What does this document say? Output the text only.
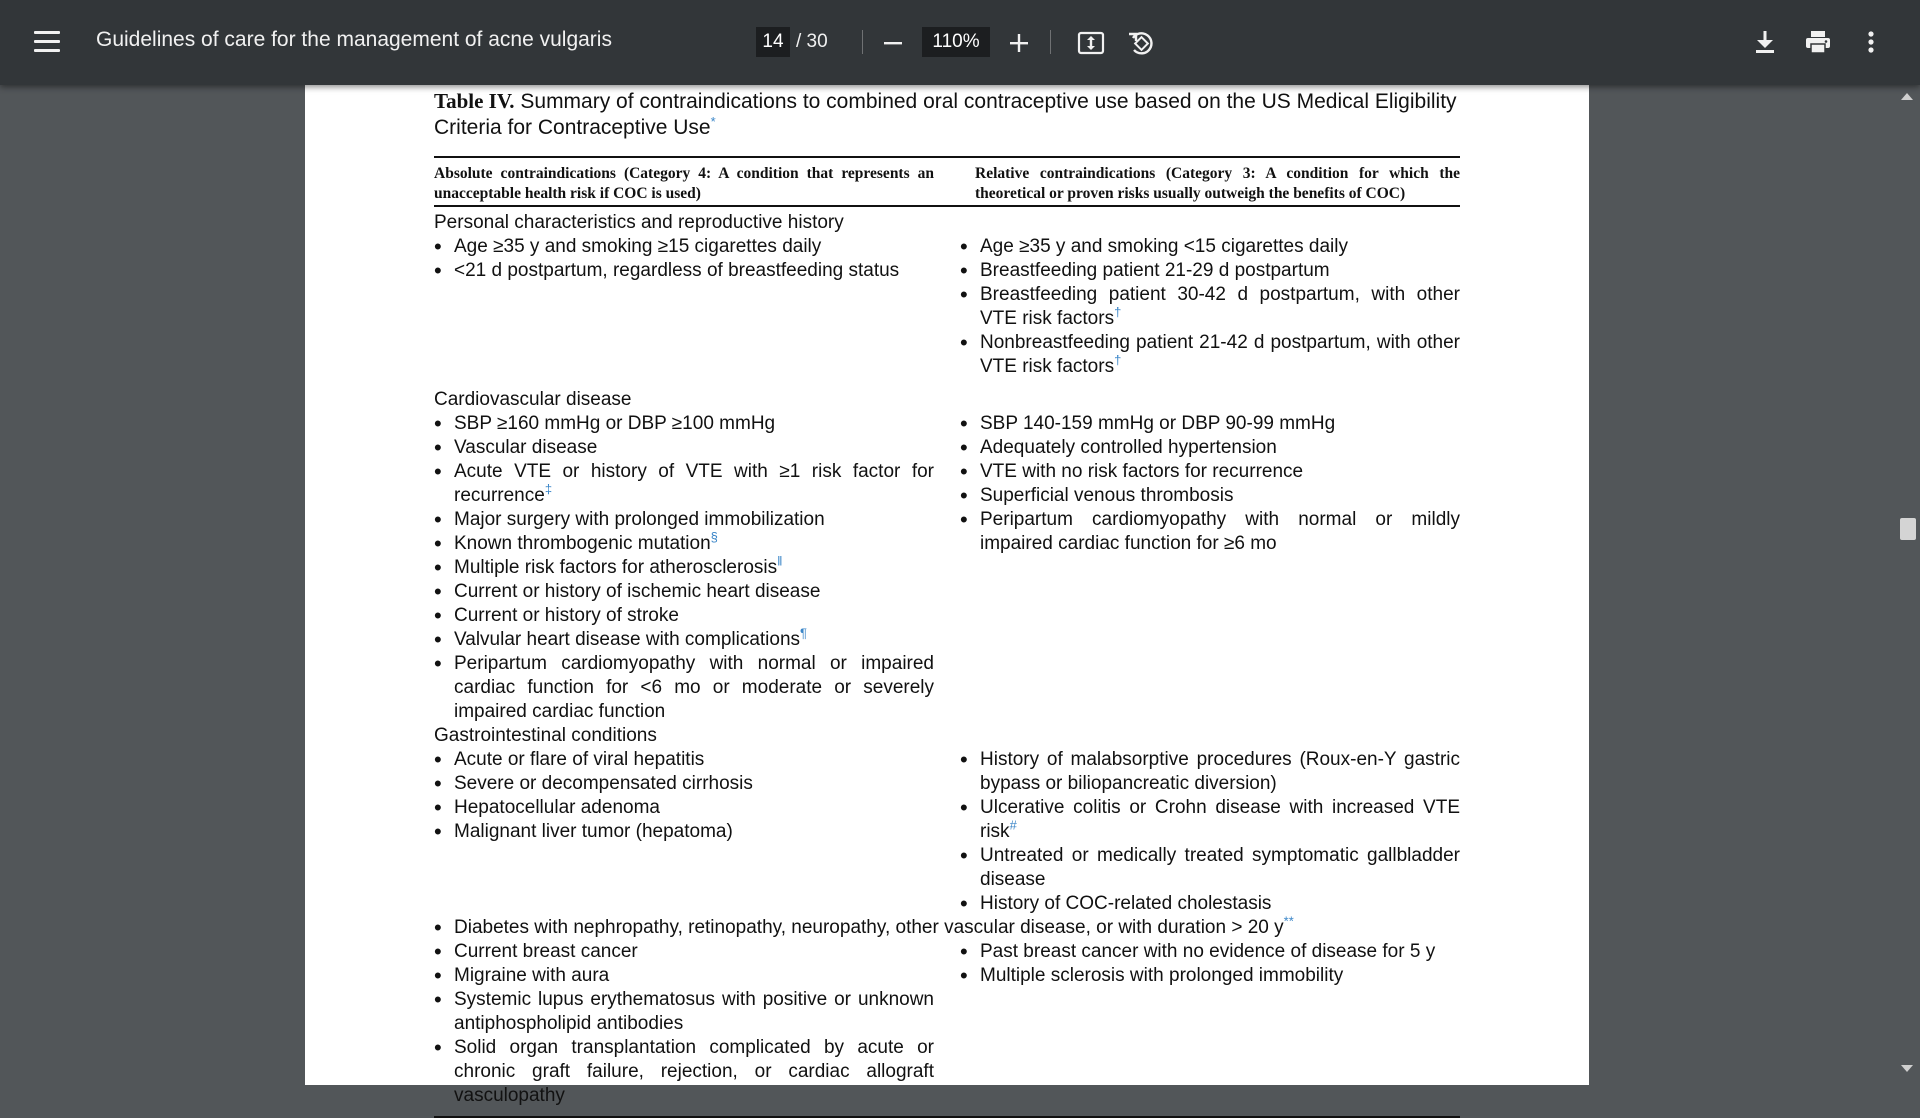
Guidelines of care for the management of acne vulgaris
14	/ 30
110%
Table IV. Summary of contraindications to combined oral contraceptive use based on the US Medical Eligibility Criteria for Contraceptive Use*
Absolute contraindications (Category 4: A condition that represents an unacceptable health risk if COC is used)
Relative contraindications (Category 3: A condition for which the theoretical or proven risks usually outweigh the benefits of COC)
Personal characteristics and reproductive history
• Age ≥35 y and smoking ≥15 cigarettes daily
• <21 d postpartum, regardless of breastfeeding status
• Age ≥35 y and smoking <15 cigarettes daily
• Breastfeeding patient 21-29 d postpartum
• Breastfeeding patient 30-42 d postpartum, with other VTE risk factors†
• Nonbreastfeeding patient 21-42 d postpartum, with other VTE risk factors†
Cardiovascular disease
• SBP ≥160 mmHg or DBP ≥100 mmHg
• Vascular disease
• Acute VTE or history of VTE with ≥1 risk factor for recurrence‡
• Major surgery with prolonged immobilization
• Known thrombogenic mutation§
• Multiple risk factors for atherosclerosis‖
• Current or history of ischemic heart disease
• Current or history of stroke
• Valvular heart disease with complications¶
• Peripartum cardiomyopathy with normal or impaired cardiac function for <6 mo or moderate or severely impaired cardiac function
• SBP 140-159 mmHg or DBP 90-99 mmHg
• Adequately controlled hypertension
• VTE with no risk factors for recurrence
• Superficial venous thrombosis
• Peripartum cardiomyopathy with normal or mildly impaired cardiac function for ≥6 mo
Gastrointestinal conditions
• Acute or flare of viral hepatitis
• Severe or decompensated cirrhosis
• Hepatocellular adenoma
• Malignant liver tumor (hepatoma)
• History of malabsorptive procedures (Roux-en-Y gastric bypass or biliopancreatic diversion)
• Ulcerative colitis or Crohn disease with increased VTE risk#
• Untreated or medically treated symptomatic gallbladder disease
• History of COC-related cholestasis
• Diabetes with nephropathy, retinopathy, neuropathy, other vascular disease, or with duration > 20 y**
• Current breast cancer
• Migraine with aura
• Systemic lupus erythematosus with positive or unknown antiphospholipid antibodies
• Solid organ transplantation complicated by acute or chronic graft failure, rejection, or cardiac allograft vasculopathy
• Past breast cancer with no evidence of disease for 5 y
• Multiple sclerosis with prolonged immobility
